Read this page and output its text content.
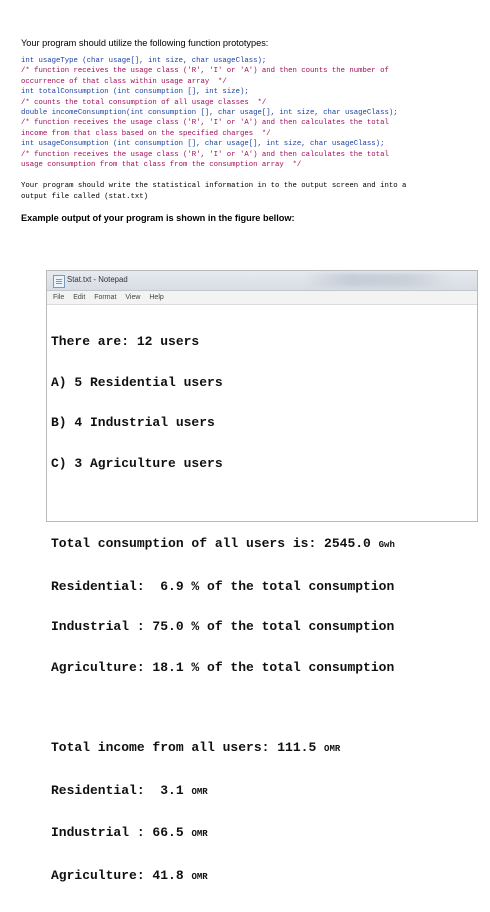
Your program should utilize the following function prototypes:

int usageType (char usage[], int size, char usageClass);
/* function receives the usage class ('R', 'I' or 'A') and then counts the number of
occurrence of that class within usage array  */
int totalConsumption (int consumption [], int size);
/* counts the total consumption of all usage classes  */
double incomeConsumption(int consumption [], char usage[], int size, char usageClass);
/* function receives the usage class ('R', 'I' or 'A') and then calculates the total
income from that class based on the specified charges  */
int usageConsumption (int consumption [], char usage[], int size, char usageClass);
/* function receives the usage class ('R', 'I' or 'A') and then calculates the total
usage consumption from that class from the consumption array  */
Your program should write the statistical information in to the output screen and into a
output file called (stat.txt)

Example output of your program is shown in the figure bellow:

Stat.txt - Notepad
File Edit Format View Help

There are: 12 users

A) 5 Residential users

B) 4 Industrial users

C) 3 Agriculture users

Total consumption of all users is: 2545.0 Gwh

Residential:  6.9 % of the total consumption

Industrial : 75.0 % of the total consumption

Agriculture: 18.1 % of the total consumption

Total income from all users: 111.5 OMR

Residential:  3.1 OMR

Industrial : 66.5 OMR

Agriculture: 41.8 OMR
